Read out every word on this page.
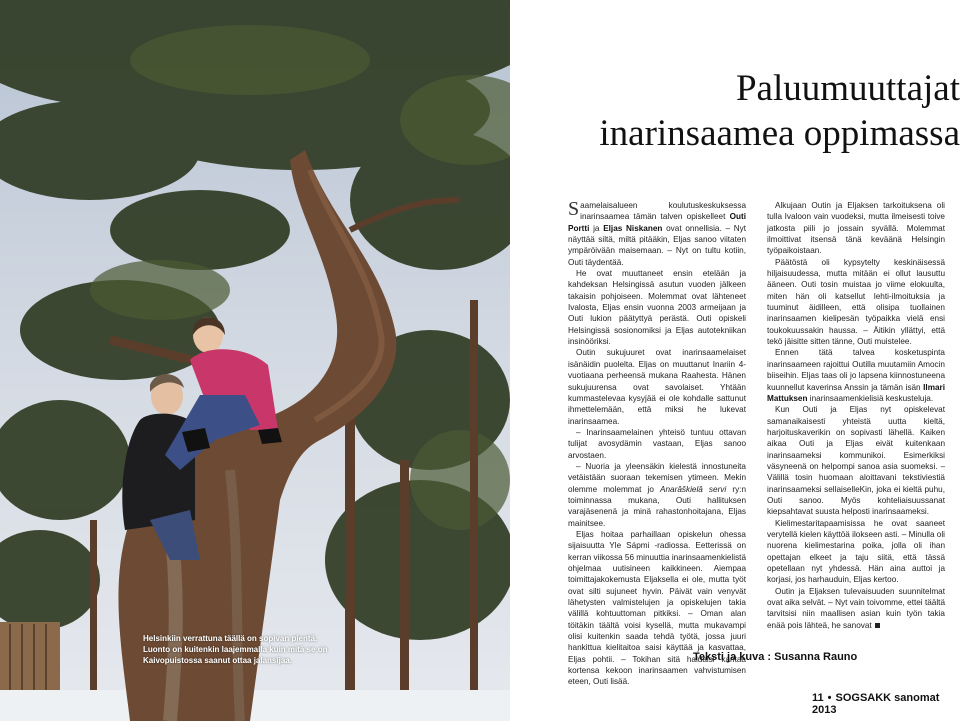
Helsinkiin verrattuna täällä on sopivan pientä. Luonto on kuitenkin laajemmalla kuin mitä se on Kaivopuistossa saanut ottaa jalansijaa.
Paluumuuttajat
inarinsaamea oppimassa

Saamelaisalueen koulutuskeskuksessa inarinsaamea tämän talven opiskelleet Outi Portti ja Eljas Niskanen ovat onnellisia. – Nyt näyttää siltä, miltä pitääkin, Eljas sanoo viitaten ympäröivään maisemaan. – Nyt on tultu kotiin, Outi täydentää.

He ovat muuttaneet ensin etelään ja kahdeksan Helsingissä asutun vuoden jälkeen takaisin pohjoiseen. Molemmat ovat lähteneet Ivalosta, Eljas ensin vuonna 2003 armeijaan ja Outi lukion päätyttyä perästä. Outi opiskeli Helsingissä sosionomiksi ja Eljas autotekniikan insinööriksi.

Outin sukujuuret ovat inarinsaamelaiset isänäidin puolelta. Eljas on muuttanut Inariin 4-vuotiaana perheensä mukana Raahesta. Hänen sukujuurensa ovat savolaiset. Yhtään kummastelevaa kysyjää ei ole kohdalle sattunut ihmettelemään, että miksi he lukevat inarinsaamea.

– Inarinsaamelainen yhteisö tuntuu ottavan tulijat avosydämin vastaan, Eljas sanoo arvostaen.

– Nuoria ja yleensäkin kielestä innostuneita vetäistään suoraan tekemisen ytimeen. Mekin olemme molemmat jo Anarâškielâ servi ry:n toiminnassa mukana, Outi hallituksen varajäsenenä ja minä rahastonhoitajana, Eljas mainitsee.

Eljas hoitaa parhaillaan opiskelun ohessa sijaisuutta Yle Sápmi -radiossa. Eetterissä on kerran viikossa 56 minuuttia inarinsaamenkielistä ohjelmaa uutisineen kaikkineen. Aiempaa toimittajakokemusta Eljaksella ei ole, mutta työt ovat silti sujuneet hyvin. Päivät vain venyvät lähetysten valmistelujen ja opiskelujen takia välillä kohtuuttoman pitkiksi. – Oman alan töitäkin täältä voisi kysellä, mutta mukavampi olisi kuitenkin saada tehdä työtä, jossa juuri hankittua kielitaitoa saisi käyttää ja kasvattaa, Eljas pohtii. – Tokihan sitä haluaisi kantaa kortensa kekoon inarinsaamen vahvistumisen eteen, Outi lisää.

Alkujaan Outin ja Eljaksen tarkoituksena oli tulla Ivaloon vain vuodeksi, mutta ilmeisesti toive jatkosta piili jo jossain syvällä. Molemmat ilmoittivat itsensä tänä keväänä Helsingin työpaikoistaan.

Päätöstä oli kypsytelty keskinäisessä hiljaisuudessa, mutta mitään ei ollut lausuttu ääneen. Outi tosin muistaa jo viime elokuulta, miten hän oli katsellut lehti-ilmoituksia ja tuuminut äidilleen, että olisipa tuollainen inarinsaamen kielipesän työpaikka vielä ensi toukokuussakin haussa. – Äitikin yllättyi, että tekö jäisitte sitten tänne, Outi muistelee.

Ennen tätä talvea kosketuspinta inarinsaameen rajoittui Outilla muutamiin Amocin biiseihin. Eljas taas oli jo lapsena kiinnostuneena kuunnellut kaverinsa Anssin ja tämän isän Ilmari Mattuksen inarinsaamenkielisiä keskusteluja.

Kun Outi ja Eljas nyt opiskelevat samanaikaisesti yhteistä uutta kieltä, harjoituskaverikin on sopivasti lähellä. Kaiken aikaa Outi ja Eljas eivät kuitenkaan inarinsaameksi kommunikoi. Esimerkiksi väsyneenä on helpompi sanoa asia suomeksi. – Välillä tosin huomaan aloittavani tekstiviestiä inarinsaameksi sellaiselleKin, joka ei kieltä puhu, Outi sanoo. Myös kohteliaisuussanat kiepsahtavat suusta helposti inarinsaameksi.

Kielimestaritapaamisissa he ovat saaneet verytellä kielen käyttöä ilokseen asti. – Minulla oli nuorena kielimestarina poika, jolla oli ihan opettajan elkeet ja taju siitä, että tässä opetellaan nyt yhdessä. Hän aina auttoi ja korjasi, jos harhauduin, Eljas kertoo.

Outin ja Eljaksen tulevaisuuden suunnitelmat ovat aika selvät. – Nyt vain toivomme, ettei täältä tarvitsisi niin maallisen asian kuin työn takia enää pois lähteä, he sanovat

Teksti ja kuva : Susanna Rauno
11 • SOGSAKK sanomat 2013
